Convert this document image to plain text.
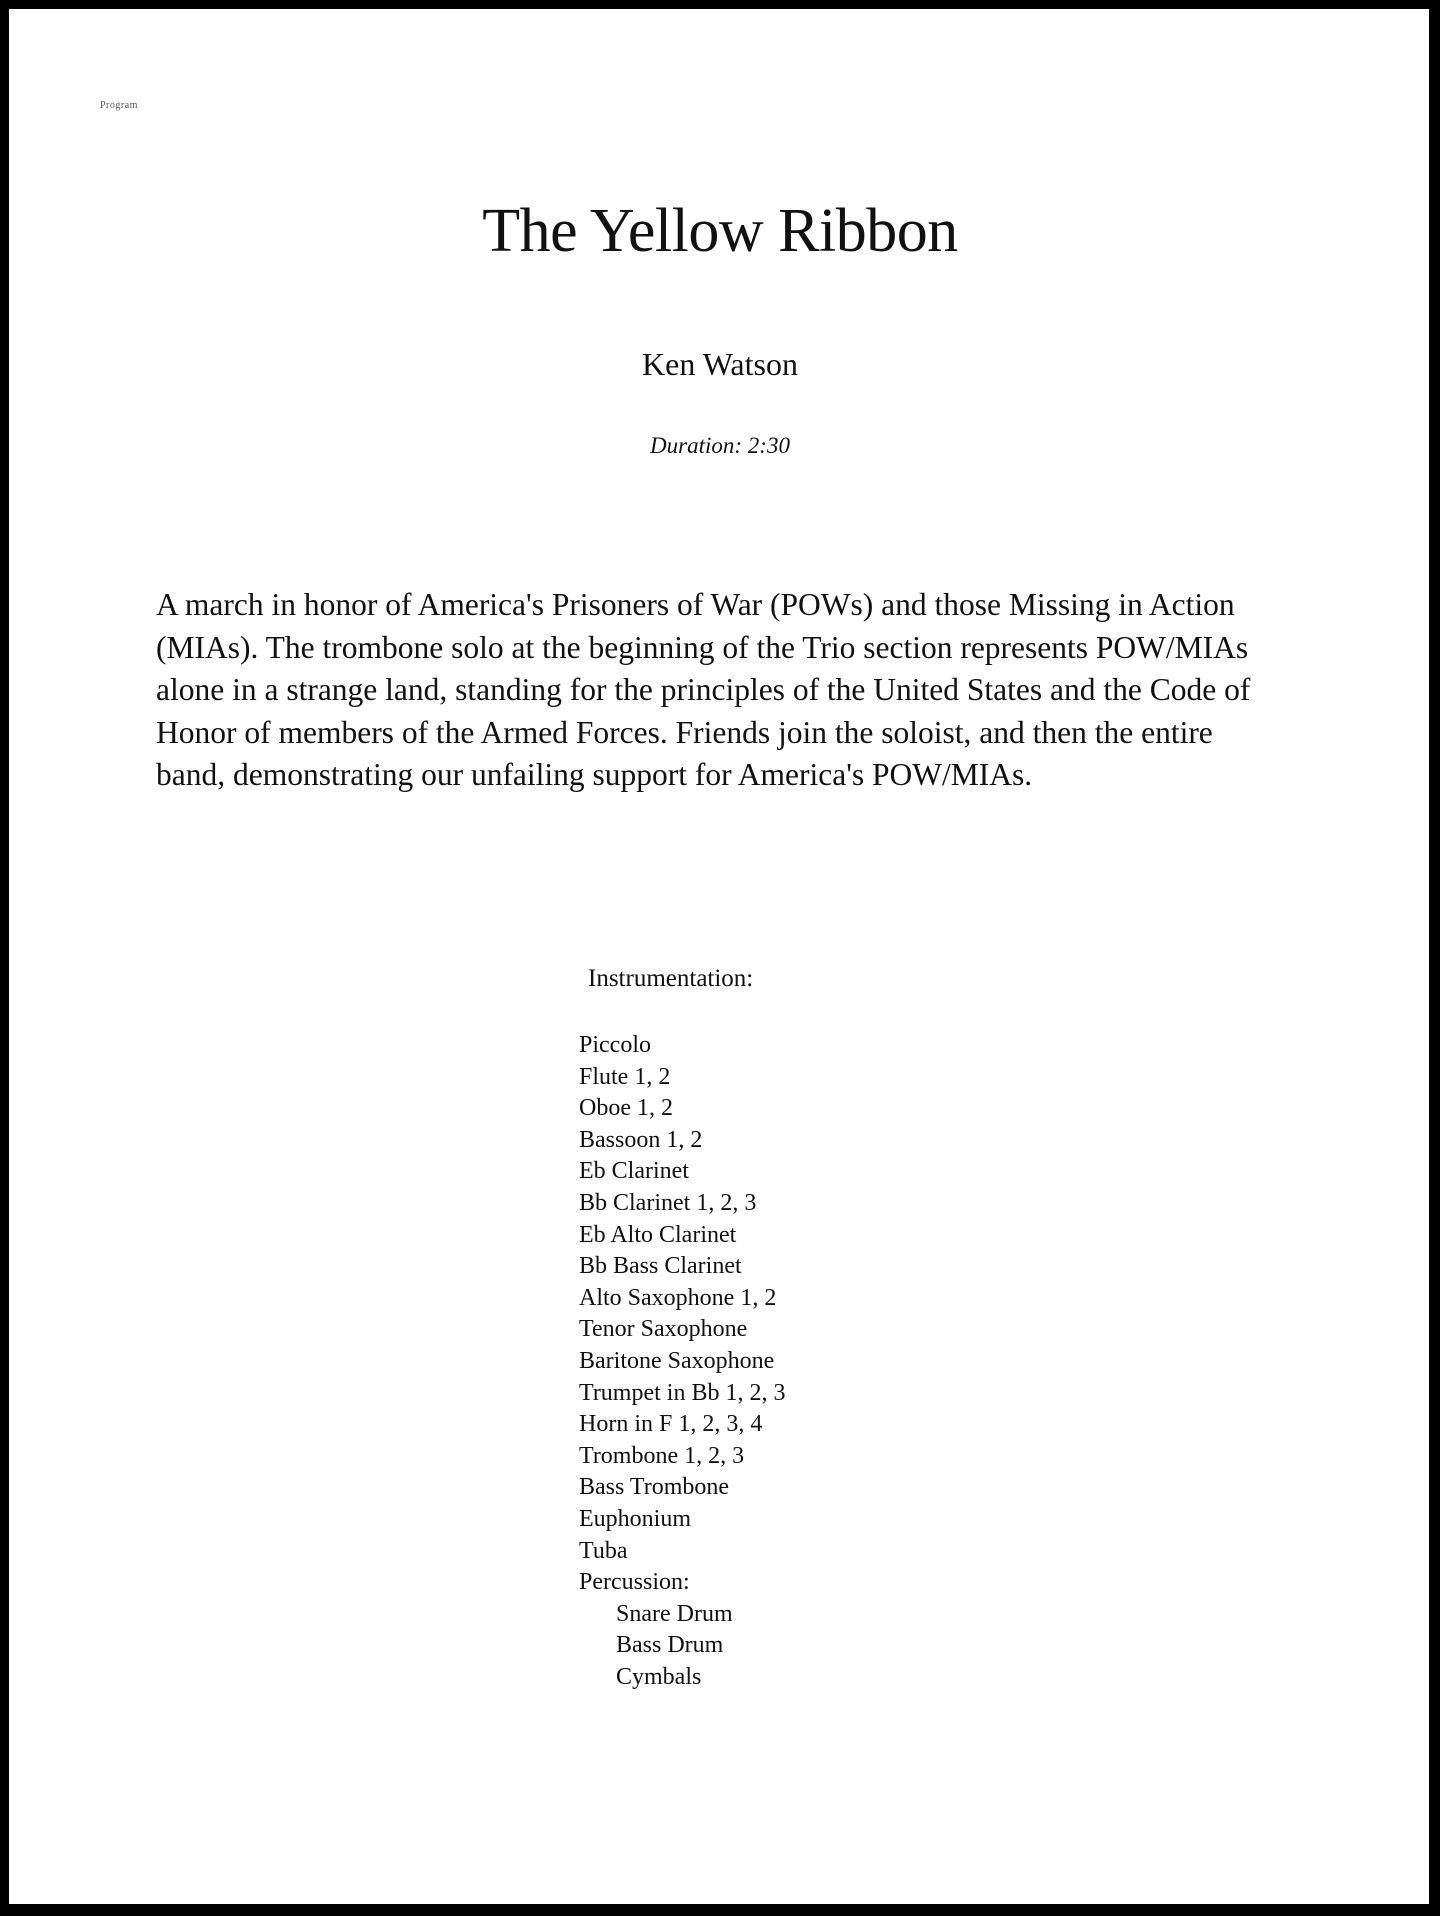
Program
The Yellow Ribbon
Ken Watson
Duration: 2:30

A march in honor of America's Prisoners of War (POWs) and those Missing in Action (MIAs). The trombone solo at the beginning of the Trio section represents POW/MIAs alone in a strange land, standing for the principles of the United States and the Code of Honor of members of the Armed Forces. Friends join the soloist, and then the entire band, demonstrating our unfailing support for America's POW/MIAs.

Instrumentation:
Piccolo
Flute 1, 2
Oboe 1, 2
Bassoon 1, 2
Eb Clarinet
Bb Clarinet 1, 2, 3
Eb Alto Clarinet
Bb Bass Clarinet
Alto Saxophone 1, 2
Tenor Saxophone
Baritone Saxophone
Trumpet in Bb 1, 2, 3
Horn in F 1, 2, 3, 4
Trombone 1, 2, 3
Bass Trombone
Euphonium
Tuba
Percussion:
Snare Drum
Bass Drum
Cymbals
